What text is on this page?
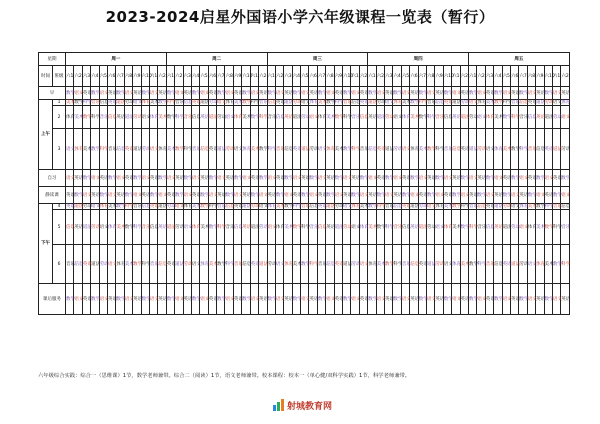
2023-2024启星外国语小学六年级课程一览表（暂行）
星期		周一												周二												周三												周四												周五											
时间	班级	六1	六2	六3	六4	六5	六6	六7	六8	六9	六10	六1	六2	六1	六2	六3	六4	六5	六6	六7	六8	六9	六10	六1	六2	六1	六2	六3	六4	六5	六6	六7	六8	六9	六10	六1	六2	六1	六2	六3	六4	六5	六6	六7	六8	六9	六10	六1	六2	六1	六2	六3	六4	六5	六6	六7	六8	六9	六10	六1	六2
早		数学	语文	英语	数学	语文	英语	数学	语文	英语	数学	语文	英语	数学	语文	英语	数学	语文	英语	数学	语文	英语	数学	语文	英语	数学	语文	英语	数学	语文	英语	数学	语文	英语	数学	语文	英语	数学	语文	英语	数学	语文	英语	数学	语文	英语	数学	语文	英语	数学	语文	英语	数学	语文	英语	数学	语文	英语	数学	语文	英语
上午	1	美术	数学	科学	音乐	信息	英语	道法	劳动	语文	体育	美术	数学	科学	音乐	信息	英语	道法	劳动	语文	体育	美术	数学	科学	音乐	信息	英语	道法	劳动	语文	体育	美术	数学	科学	音乐	信息	英语	道法	劳动	语文	体育	美术	数学	科学	音乐	信息	英语	道法	劳动	语文	体育	美术	数学	科学	音乐	信息	英语	道法	劳动	语文	体育
	2	体育	美术	数学	科学	音乐	信息	英语	道法	劳动	语文	体育	美术	数学	科学	音乐	信息	英语	道法	劳动	语文	体育	美术	数学	科学	音乐	信息	英语	道法	劳动	语文	体育	美术	数学	科学	音乐	信息	英语	道法	劳动	语文	体育	美术	数学	科学	音乐	信息	英语	道法	劳动	语文	体育	美术	数学	科学	音乐	信息	英语	道法	劳动	语文
	3	语文	体育	美术	数学	科学	音乐	信息	英语	道法	劳动	语文	体育	美术	数学	科学	音乐	信息	英语	道法	劳动	语文	体育	美术	数学	科学	音乐	信息	英语	道法	劳动	语文	体育	美术	数学	科学	音乐	信息	英语	道法	劳动	语文	体育	美术	数学	科学	音乐	信息	英语	道法	劳动	语文	体育	美术	数学	科学	音乐	信息	英语	道法	劳动
自习		语文	英语	数学	语文	英语	数学	语文	英语	数学	语文	英语	数学	语文	英语	数学	语文	英语	数学	语文	英语	数学	语文	英语	数学	语文	英语	数学	语文	英语	数学	语文	英语	数学	语文	英语	数学	语文	英语	数学	语文	英语	数学	语文	英语	数学	语文	英语	数学	语文	英语	数学	语文	英语	数学	语文	英语	数学	语文	英语	数学
静读课		英语	数学	语文	英语	数学	语文	英语	数学	语文	英语	数学	语文	英语	数学	语文	英语	数学	语文	英语	数学	语文	英语	数学	语文	英语	数学	语文	英语	数学	语文	英语	数学	语文	英语	数学	语文	英语	数学	语文	英语	数学	语文	英语	数学	语文	英语	数学	语文	英语	数学	语文	英语	数学	语文	英语	数学	语文	英语	数学	语文
下午	4	英语	道法	劳动	语文	体育	美术	数学	科学	音乐	信息	英语	道法	劳动	语文	体育	美术	数学	科学	音乐	信息	英语	道法	劳动	语文	体育	美术	数学	科学	音乐	信息	英语	道法	劳动	语文	体育	美术	数学	科学	音乐	信息	英语	道法	劳动	语文	体育	美术	数学	科学	音乐	信息	英语	道法	劳动	语文	体育	美术	数学	科学	音乐	信息
	5	信息	英语	道法	劳动	语文	体育	美术	数学	科学	音乐	信息	英语	道法	劳动	语文	体育	美术	数学	科学	音乐	信息	英语	道法	劳动	语文	体育	美术	数学	科学	音乐	信息	英语	道法	劳动	语文	体育	美术	数学	科学	音乐	信息	英语	道法	劳动	语文	体育	美术	数学	科学	音乐	信息	英语	道法	劳动	语文	体育	美术	数学	科学	音乐
	6	音乐	信息	英语	道法	劳动	语文	体育	美术	数学	科学	音乐	信息	英语	道法	劳动	语文	体育	美术	数学	科学	音乐	信息	英语	道法	劳动	语文	体育	美术	数学	科学	音乐	信息	英语	道法	劳动	语文	体育	美术	数学	科学	音乐	信息	英语	道法	劳动	语文	体育	美术	数学	科学	音乐	信息	英语	道法	劳动	语文	体育	美术	数学	科学
课后服务		数学	语文	英语	数学	语文	英语	数学	语文	英语	数学	语文	英语	数学	语文	英语	数学	语文	英语	数学	语文	英语	数学	语文	英语	数学	语文	英语	数学	语文	英语	数学	语文	英语	数学	语文	英语	数学	语文	英语	数学	语文	英语	数学	语文	英语	数学	语文	英语	数学	语文	英语	数学	语文	英语	数学	语文	英语	数学	语文	英语
六年级综合实践：综合一（思维课）1节，数学老师兼带。综合二（阅读）1节，语文老师兼带。校本课程：校本一（单心健/双科学实践）1节，科学老师兼带。
射城教育网
